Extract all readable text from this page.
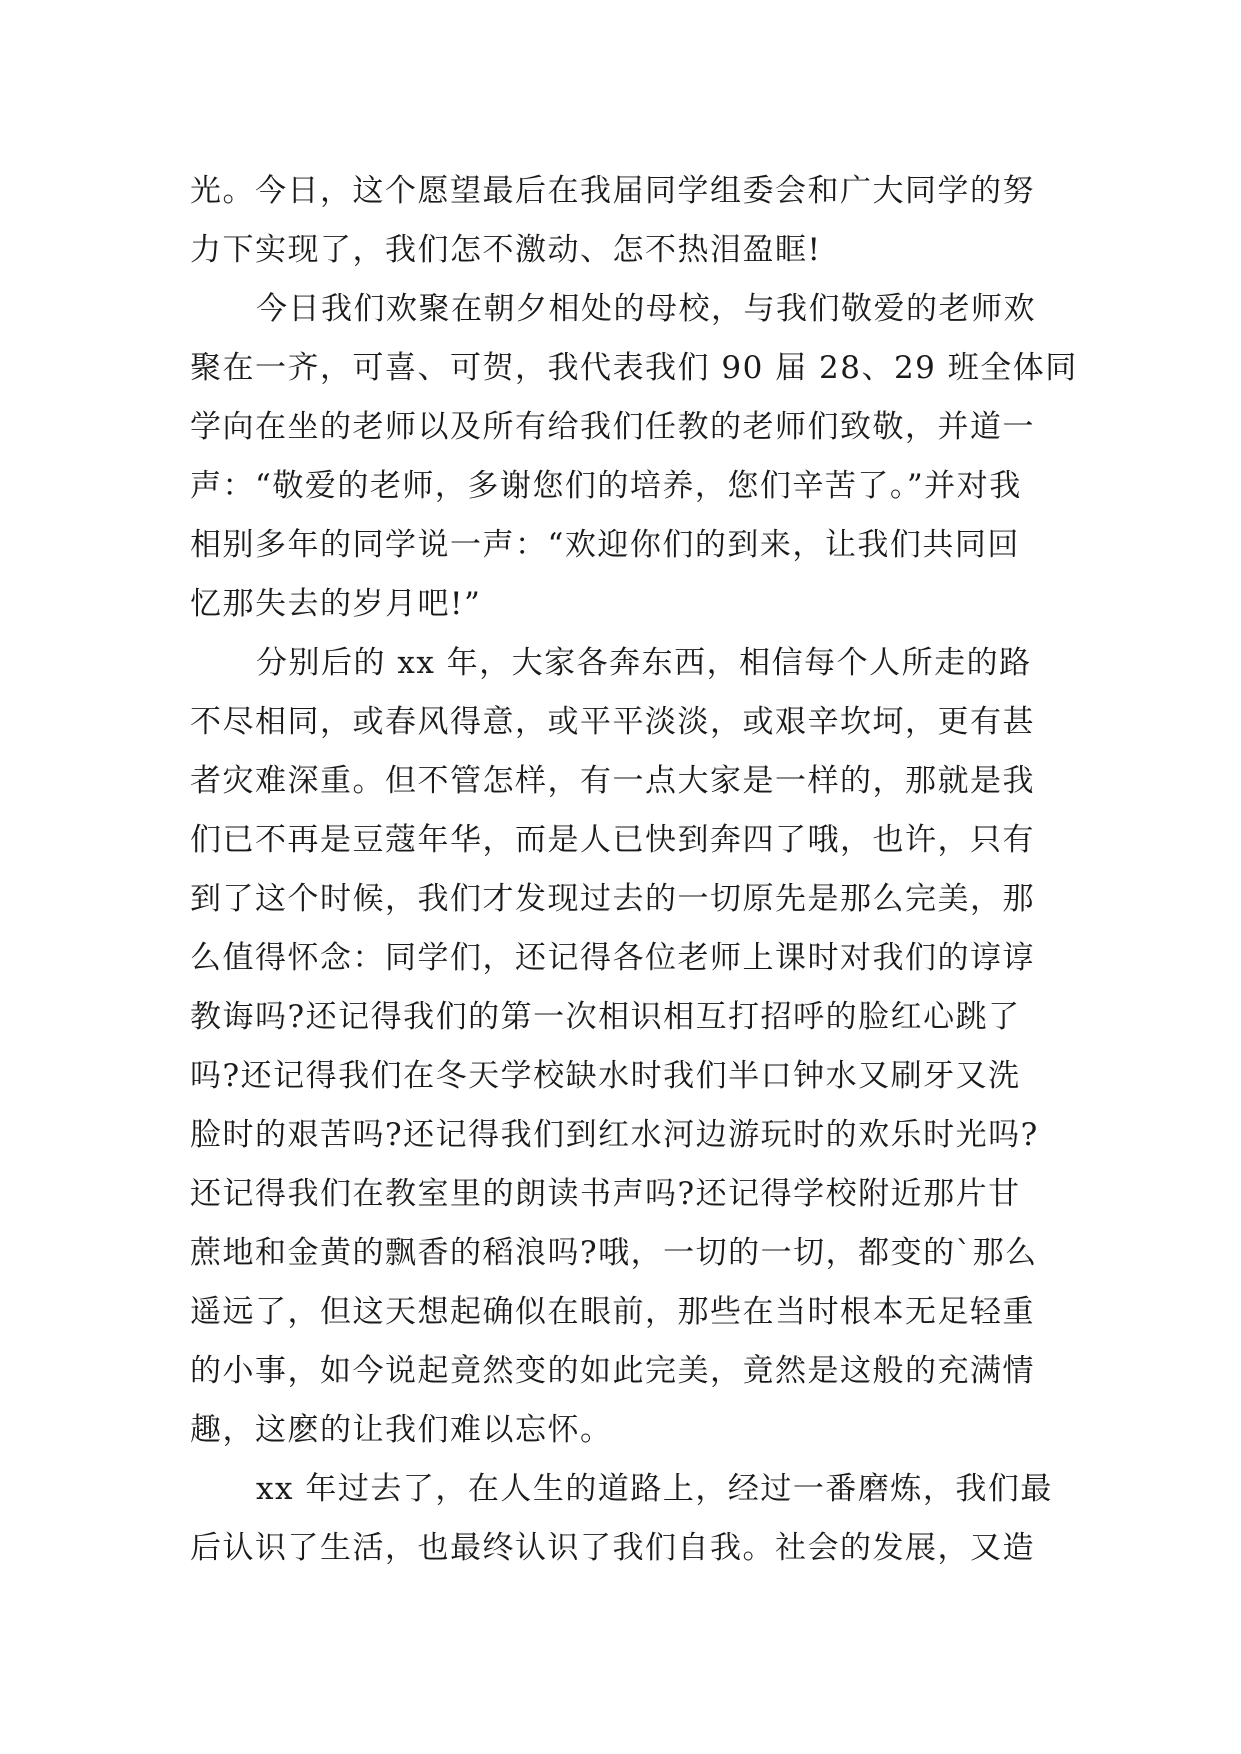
光。今日，这个愿望最后在我届同学组委会和广大同学的努
力下实现了，我们怎不激动、怎不热泪盈眶!
今日我们欢聚在朝夕相处的母校，与我们敬爱的老师欢
聚在一齐，可喜、可贺，我代表我们 90 届 28、29 班全体同
学向在坐的老师以及所有给我们任教的老师们致敬，并道一
声：“敬爱的老师，多谢您们的培养，您们辛苦了。”并对我
相别多年的同学说一声：“欢迎你们的到来，让我们共同回
忆那失去的岁月吧!”
分别后的 xx 年，大家各奔东西，相信每个人所走的路
不尽相同，或春风得意，或平平淡淡，或艰辛坎坷，更有甚
者灾难深重。但不管怎样，有一点大家是一样的，那就是我
们已不再是豆蔻年华，而是人已快到奔四了哦，也许，只有
到了这个时候，我们才发现过去的一切原先是那么完美，那
么值得怀念：同学们，还记得各位老师上课时对我们的谆谆
教诲吗?还记得我们的第一次相识相互打招呼的脸红心跳了
吗?还记得我们在冬天学校缺水时我们半口钟水又刷牙又洗
脸时的艰苦吗?还记得我们到红水河边游玩时的欢乐时光吗?
还记得我们在教室里的朗读书声吗?还记得学校附近那片甘
蔗地和金黄的飘香的稻浪吗?哦，一切的一切，都变的`那么
遥远了，但这天想起确似在眼前，那些在当时根本无足轻重
的小事，如今说起竟然变的如此完美，竟然是这般的充满情
趣，这麽的让我们难以忘怀。
xx 年过去了，在人生的道路上，经过一番磨炼，我们最
后认识了生活，也最终认识了我们自我。社会的发展，又造
